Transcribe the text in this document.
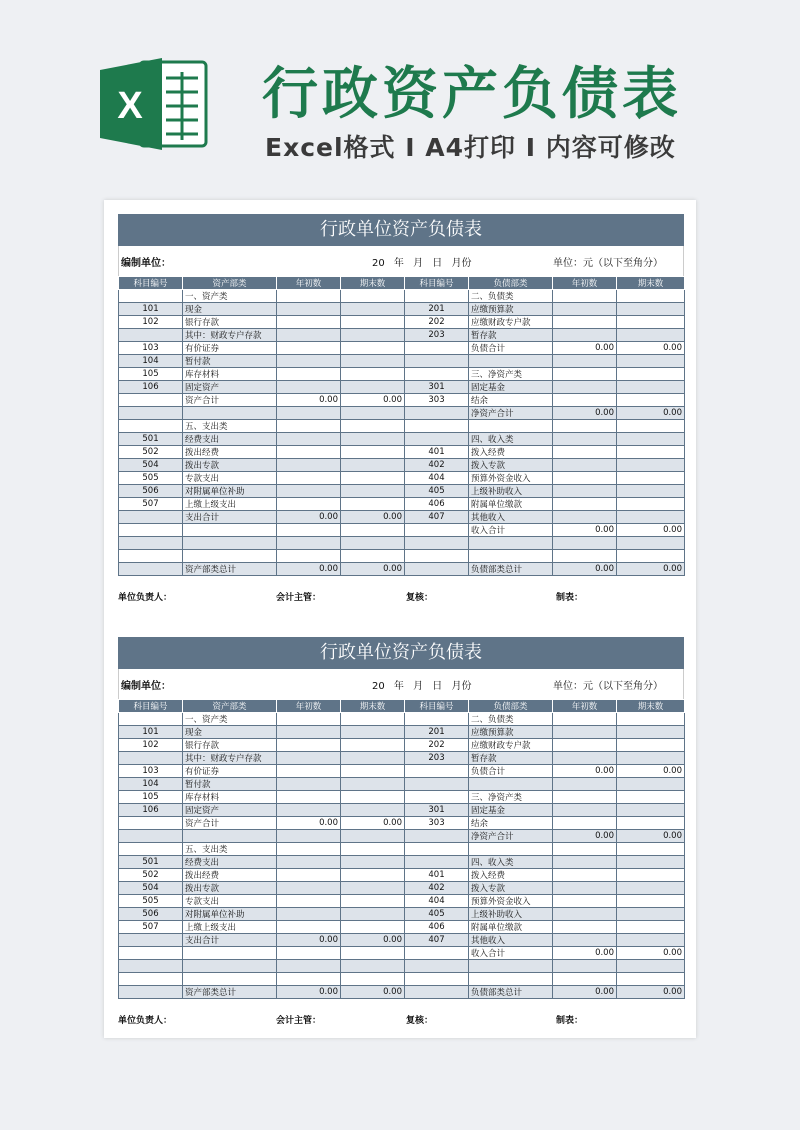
X 行政资产负债表
Excel格式 I A4打印 I 内容可修改
行政单位资产负债表
编制单位：	20 年 月 日 月份	单位：元（以下至角分）
科目编号	资产部类	年初数	期末数	科目编号	负债部类	年初数	期末数
	一、资产类				二、负债类		
101	现金			201	应缴预算款		
102	银行存款			202	应缴财政专户款		
	其中：财政专户存款			203	暂存款		
103	有价证券				负债合计	0.00	0.00
104	暂付款						
105	库存材料				三、净资产类		
106	固定资产			301	固定基金		
	资产合计	0.00	0.00	303	结余		
					净资产合计	0.00	0.00
	五、支出类						
501	经费支出				四、收入类		
502	拨出经费			401	拨入经费		
504	拨出专款			402	拨入专款		
505	专款支出			404	预算外资金收入		
506	对附属单位补助			405	上级补助收入		
507	上缴上级支出			406	附属单位缴款		
	支出合计	0.00	0.00	407	其他收入		
					收入合计	0.00	0.00

	资产部类总计	0.00	0.00		负债部类总计	0.00	0.00
单位负责人：	会计主管：	复核：	制表：
行政单位资产负债表
编制单位：	20 年 月 日 月份	单位：元（以下至角分）
科目编号	资产部类	年初数	期末数	科目编号	负债部类	年初数	期末数
	一、资产类				二、负债类		
101	现金			201	应缴预算款		
102	银行存款			202	应缴财政专户款		
	其中：财政专户存款			203	暂存款		
103	有价证券				负债合计	0.00	0.00
104	暂付款						
105	库存材料				三、净资产类		
106	固定资产			301	固定基金		
	资产合计	0.00	0.00	303	结余		
					净资产合计	0.00	0.00
	五、支出类						
501	经费支出				四、收入类		
502	拨出经费			401	拨入经费		
504	拨出专款			402	拨入专款		
505	专款支出			404	预算外资金收入		
506	对附属单位补助			405	上级补助收入		
507	上缴上级支出			406	附属单位缴款		
	支出合计	0.00	0.00	407	其他收入		
					收入合计	0.00	0.00

	资产部类总计	0.00	0.00		负债部类总计	0.00	0.00
单位负责人：	会计主管：	复核：	制表：
